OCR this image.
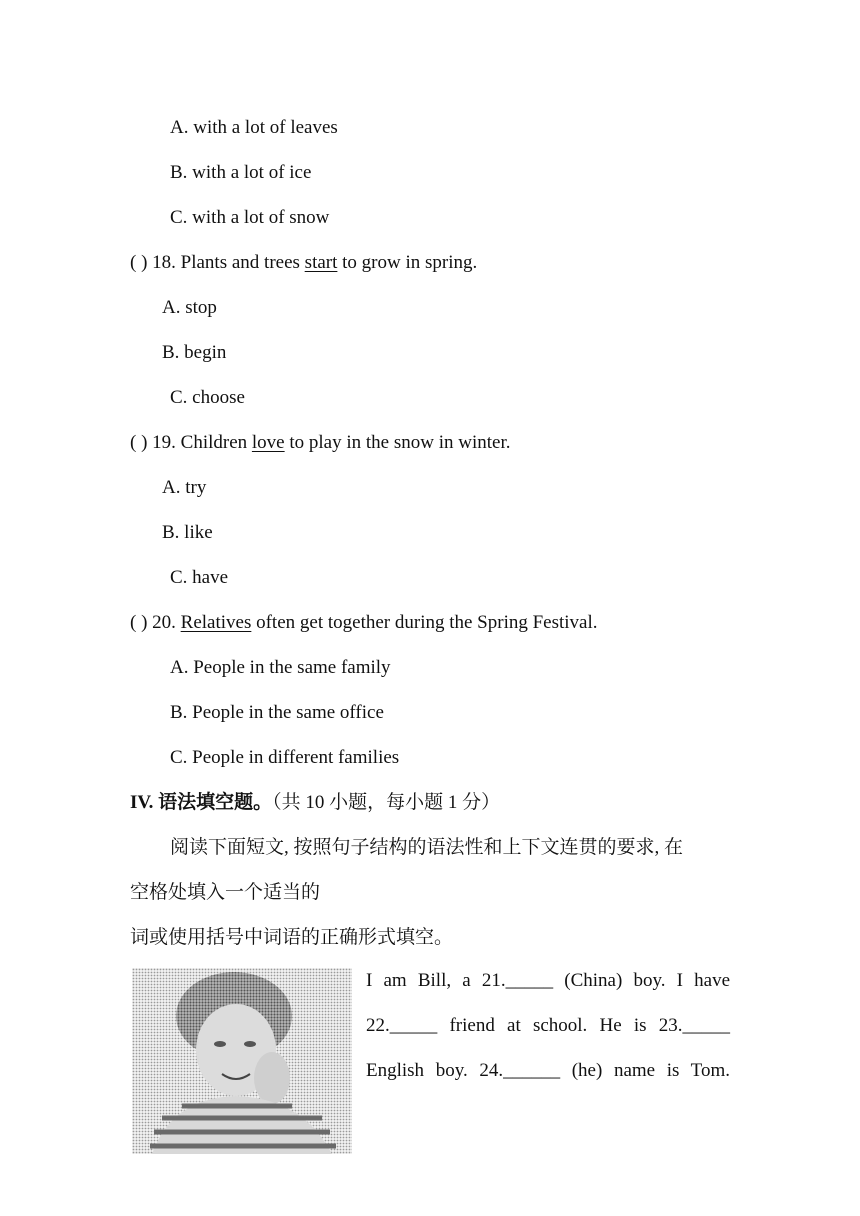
A. with a lot of leaves
B. with a lot of ice
C. with a lot of snow
( ) 18. Plants and trees start to grow in spring.
A. stop
B. begin
C. choose
( ) 19. Children love to play in the snow in winter.
A. try
B. like
C. have
( ) 20. Relatives often get together during the Spring Festival.
A. People in the same family
B. People in the same office
C. People in different families
IV. 语法填空题。（共 10 小题，每小题 1 分）
阅读下面短文, 按照句子结构的语法性和上下文连贯的要求, 在
空格处填入一个适当的
词或使用括号中词语的正确形式填空。
I am Bill, a 21._____ (China) boy. I have
22._____ friend at school. He is 23._____
English boy. 24.______ (he) name is Tom.
